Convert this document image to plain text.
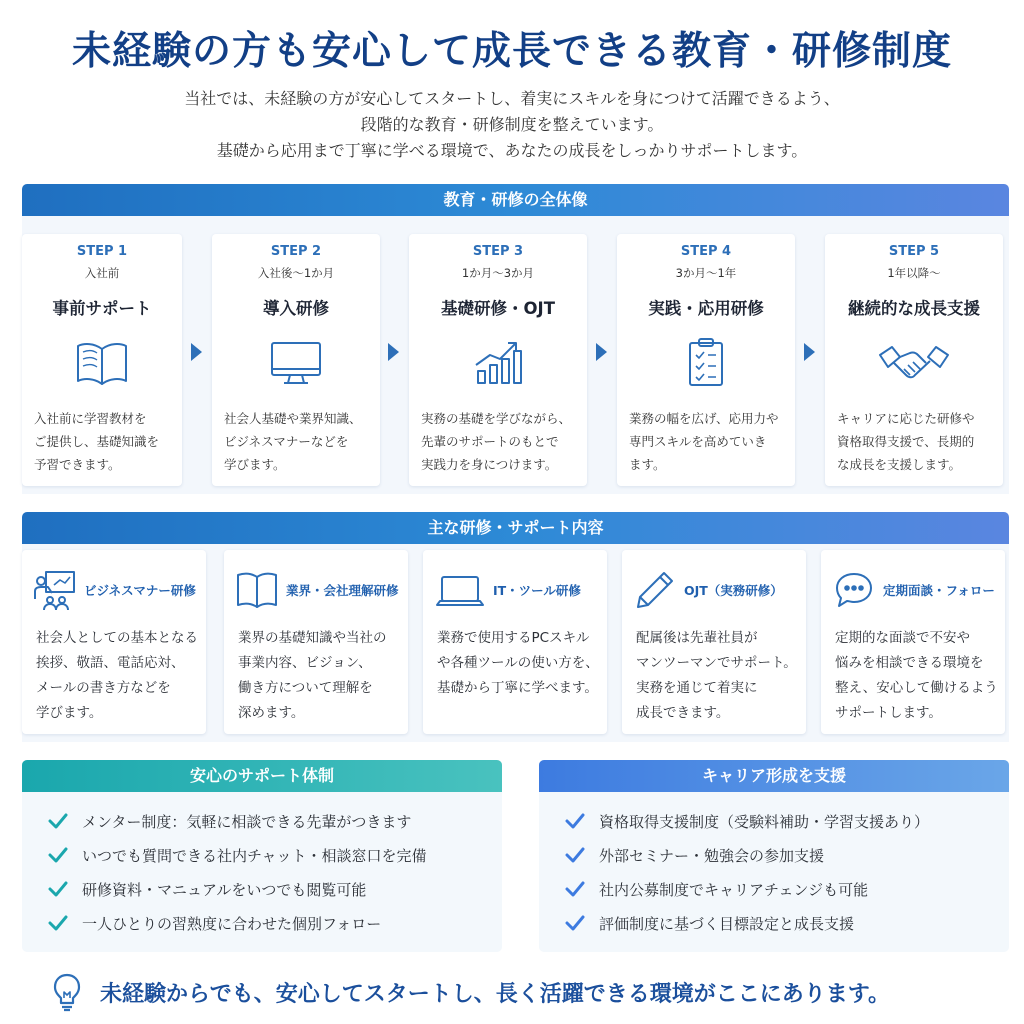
未経験の方も安心して成長できる教育・研修制度
当社では、未経験の方が安心してスタートし、着実にスキルを身につけて活躍できるよう、
段階的な教育・研修制度を整えています。
基礎から応用まで丁寧に学べる環境で、あなたの成長をしっかりサポートします。
教育・研修の全体像
STEP 1
入社前
事前サポート
入社前に学習教材を
ご提供し、基礎知識を
予習できます。
STEP 2
入社後〜1か月
導入研修
社会人基礎や業界知識、
ビジネスマナーなどを
学びます。
STEP 3
1か月〜3か月
基礎研修・OJT
実務の基礎を学びながら、
先輩のサポートのもとで
実践力を身につけます。
STEP 4
3か月〜1年
実践・応用研修
業務の幅を広げ、応用力や
専門スキルを高めていき
ます。
STEP 5
1年以降〜
継続的な成長支援
キャリアに応じた研修や
資格取得支援で、長期的
な成長を支援します。
主な研修・サポート内容
ビジネスマナー研修
社会人としての基本となる
挨拶、敬語、電話応対、
メールの書き方などを
学びます。
業界・会社理解研修
業界の基礎知識や当社の
事業内容、ビジョン、
働き方について理解を
深めます。
IT・ツール研修
業務で使用するPCスキル
や各種ツールの使い方を、
基礎から丁寧に学べます。
OJT（実務研修）
配属後は先輩社員が
マンツーマンでサポート。
実務を通じて着実に
成長できます。
定期面談・フォロー
定期的な面談で不安や
悩みを相談できる環境を
整え、安心して働けるよう
サポートします。
安心のサポート体制
メンター制度：気軽に相談できる先輩がつきます
いつでも質問できる社内チャット・相談窓口を完備
研修資料・マニュアルをいつでも閲覧可能
一人ひとりの習熟度に合わせた個別フォロー
キャリア形成を支援
資格取得支援制度（受験料補助・学習支援あり）
外部セミナー・勉強会の参加支援
社内公募制度でキャリアチェンジも可能
評価制度に基づく目標設定と成長支援
未経験からでも、安心してスタートし、長く活躍できる環境がここにあります。
